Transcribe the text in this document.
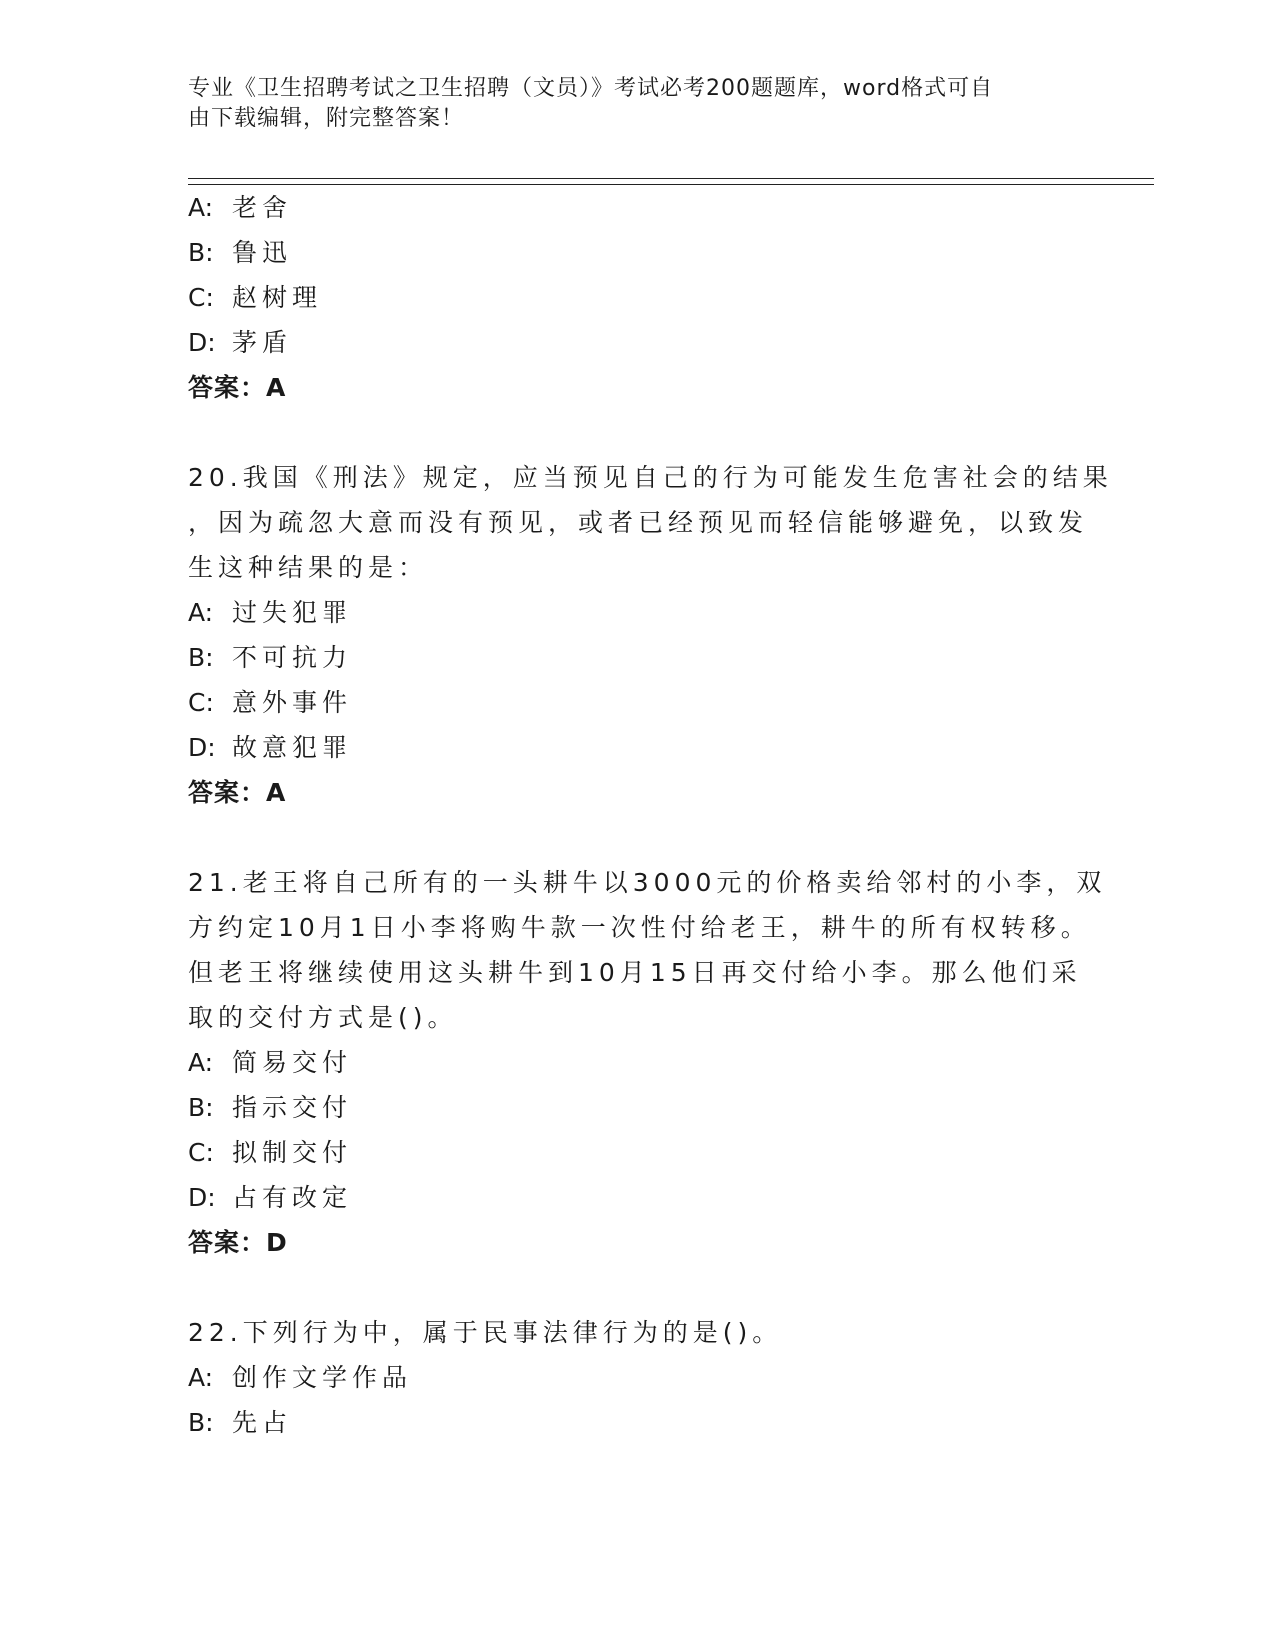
专业《卫生招聘考试之卫生招聘（文员）》考试必考200题题库，word格式可自
由下载编辑，附完整答案！
A: 老舍
B: 鲁迅
C: 赵树理
D: 茅盾
答案：A
20.我国《刑法》规定，应当预见自己的行为可能发生危害社会的结果
，因为疏忽大意而没有预见，或者已经预见而轻信能够避免，以致发
生这种结果的是：
A: 过失犯罪
B: 不可抗力
C: 意外事件
D: 故意犯罪
答案：A
21.老王将自己所有的一头耕牛以3000元的价格卖给邻村的小李，双
方约定10月1日小李将购牛款一次性付给老王，耕牛的所有权转移。
但老王将继续使用这头耕牛到10月15日再交付给小李。那么他们采
取的交付方式是()。
A: 简易交付
B: 指示交付
C: 拟制交付
D: 占有改定
答案：D
22.下列行为中，属于民事法律行为的是()。
A: 创作文学作品
B: 先占
